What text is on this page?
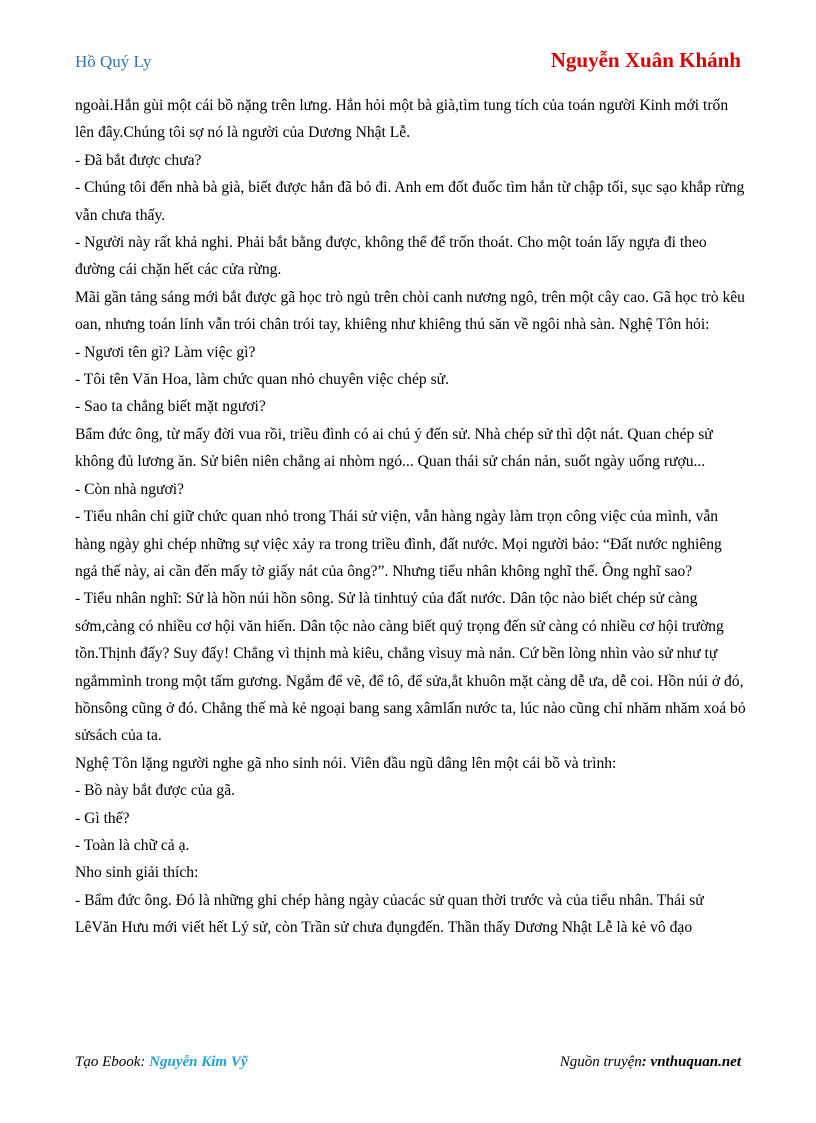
Hồ Quý Ly	Nguyễn Xuân Khánh

ngoài.Hắn gùi một cái bồ nặng trên lưng. Hắn hỏi một bà già,tìm tung tích của toán người Kinh mới trốn lên đây.Chúng tôi sợ nó là người của Dương Nhật Lễ.

- Đã bắt được chưa?

- Chúng tôi đến nhà bà già, biết được hắn đã bỏ đi. Anh em đốt đuốc tìm hắn từ chập tối, sục sạo khắp rừng vẫn chưa thấy.

- Người này rất khả nghi. Phải bắt bằng được, không thể để trốn thoát. Cho một toán lấy ngựa đi theo đường cái chặn hết các cửa rừng.

Mãi gần tảng sáng mới bắt được gã học trò ngủ trên chòi canh nương ngô, trên một cây cao. Gã học trò kêu oan, nhưng toán lính vẫn trói chân trói tay, khiêng như khiêng thú săn về ngôi nhà sàn. Nghệ Tôn hỏi:

- Ngươi tên gì? Làm việc gì?

- Tôi tên Văn Hoa, làm chức quan nhỏ chuyên việc chép sử.

- Sao ta chẳng biết mặt ngươi?

Bẩm đức ông, từ mấy đời vua rồi, triều đình có ai chú ý đến sử. Nhà chép sử thì dột nát. Quan chép sử không đủ lương ăn. Sử biên niên chẳng ai nhòm ngó... Quan thái sử chán nản, suốt ngày uống rượu...

- Còn nhà ngươi?

- Tiểu nhân chỉ giữ chức quan nhỏ trong Thái sử viện, vẫn hàng ngày làm trọn công việc của mình, vẫn hàng ngày ghi chép những sự việc xảy ra trong triều đình, đất nước. Mọi người bảo: “Đất nước nghiêng ngả thế này, ai cần đến mấy tờ giấy nát của ông?”. Nhưng tiểu nhân không nghĩ thế. Ông nghĩ sao?

- Tiểu nhân nghĩ: Sử là hồn núi hồn sông. Sử là tinhtuý của đất nước. Dân tộc nào biết chép sử càng sớm,càng có nhiều cơ hội văn hiến. Dân tộc nào càng biết quý trọng đến sử càng có nhiều cơ hội trường tồn.Thịnh đấy? Suy đấy! Chẳng vì thịnh mà kiêu, chẳng vìsuy mà nản. Cứ bền lòng nhìn vào sử như tự ngắmmình trong một tấm gương. Ngắm để vẽ, để tô, để sửa,ắt khuôn mặt càng dễ ưa, dễ coi. Hồn núi ở đó, hồnsông cũng ở đó. Chẳng thế mà kẻ ngoại bang sang xâmlấn nước ta, lúc nào cũng chỉ nhăm nhăm xoá bỏ sửsách của ta.

Nghệ Tôn lặng người nghe gã nho sinh nói. Viên đầu ngũ dâng lên một cái bồ và trình:

- Bồ này bắt được của gã.

- Gì thế?

- Toàn là chữ cả ạ.

Nho sinh giải thích:

- Bẩm đức ông. Đó là những ghi chép hàng ngày củacác sử quan thời trước và của tiểu nhân. Thái sử LêVăn Hưu mới viết hết Lý sử, còn Trần sử chưa đụngđến. Thần thấy Dương Nhật Lễ là kẻ vô đạo

Tạo Ebook: Nguyễn Kim Vỹ	Nguồn truyện: vnthuquan.net
